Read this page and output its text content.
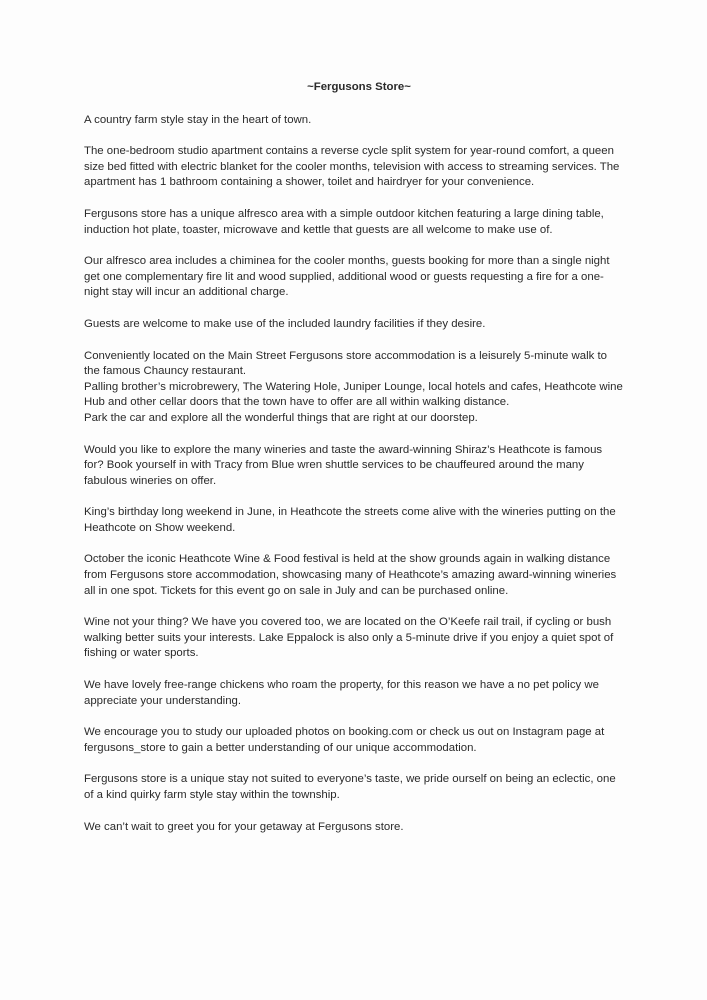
~Fergusons Store~

A country farm style stay in the heart of town.

The one-bedroom studio apartment contains a reverse cycle split system for year-round comfort, a queen size bed fitted with electric blanket for the cooler months, television with access to streaming services. The apartment has 1 bathroom containing a shower, toilet and hairdryer for your convenience.

Fergusons store has a unique alfresco area with a simple outdoor kitchen featuring a large dining table, induction hot plate, toaster, microwave and kettle that guests are all welcome to make use of.

Our alfresco area includes a chiminea for the cooler months, guests booking for more than a single night get one complementary fire lit and wood supplied, additional wood or guests requesting a fire for a one-night stay will incur an additional charge.

Guests are welcome to make use of the included laundry facilities if they desire.

Conveniently located on the Main Street Fergusons store accommodation is a leisurely 5-minute walk to the famous Chauncy restaurant.
Palling brother’s microbrewery, The Watering Hole, Juniper Lounge, local hotels and cafes, Heathcote wine Hub and other cellar doors that the town have to offer are all within walking distance.
Park the car and explore all the wonderful things that are right at our doorstep.

Would you like to explore the many wineries and taste the award-winning Shiraz’s Heathcote is famous for? Book yourself in with Tracy from Blue wren shuttle services to be chauffeured around the many fabulous wineries on offer.

King’s birthday long weekend in June, in Heathcote the streets come alive with the wineries putting on the Heathcote on Show weekend.

October the iconic Heathcote Wine & Food festival is held at the show grounds again in walking distance from Fergusons store accommodation, showcasing many of Heathcote’s amazing award-winning wineries all in one spot. Tickets for this event go on sale in July and can be purchased online.

Wine not your thing? We have you covered too, we are located on the O’Keefe rail trail, if cycling or bush walking better suits your interests. Lake Eppalock is also only a 5-minute drive if you enjoy a quiet spot of fishing or water sports.

We have lovely free-range chickens who roam the property, for this reason we have a no pet policy we appreciate your understanding.

We encourage you to study our uploaded photos on booking.com or check us out on Instagram page at fergusons_store to gain a better understanding of our unique accommodation.

Fergusons store is a unique stay not suited to everyone’s taste, we pride ourself on being an eclectic, one of a kind quirky farm style stay within the township.

We can’t wait to greet you for your getaway at Fergusons store.
